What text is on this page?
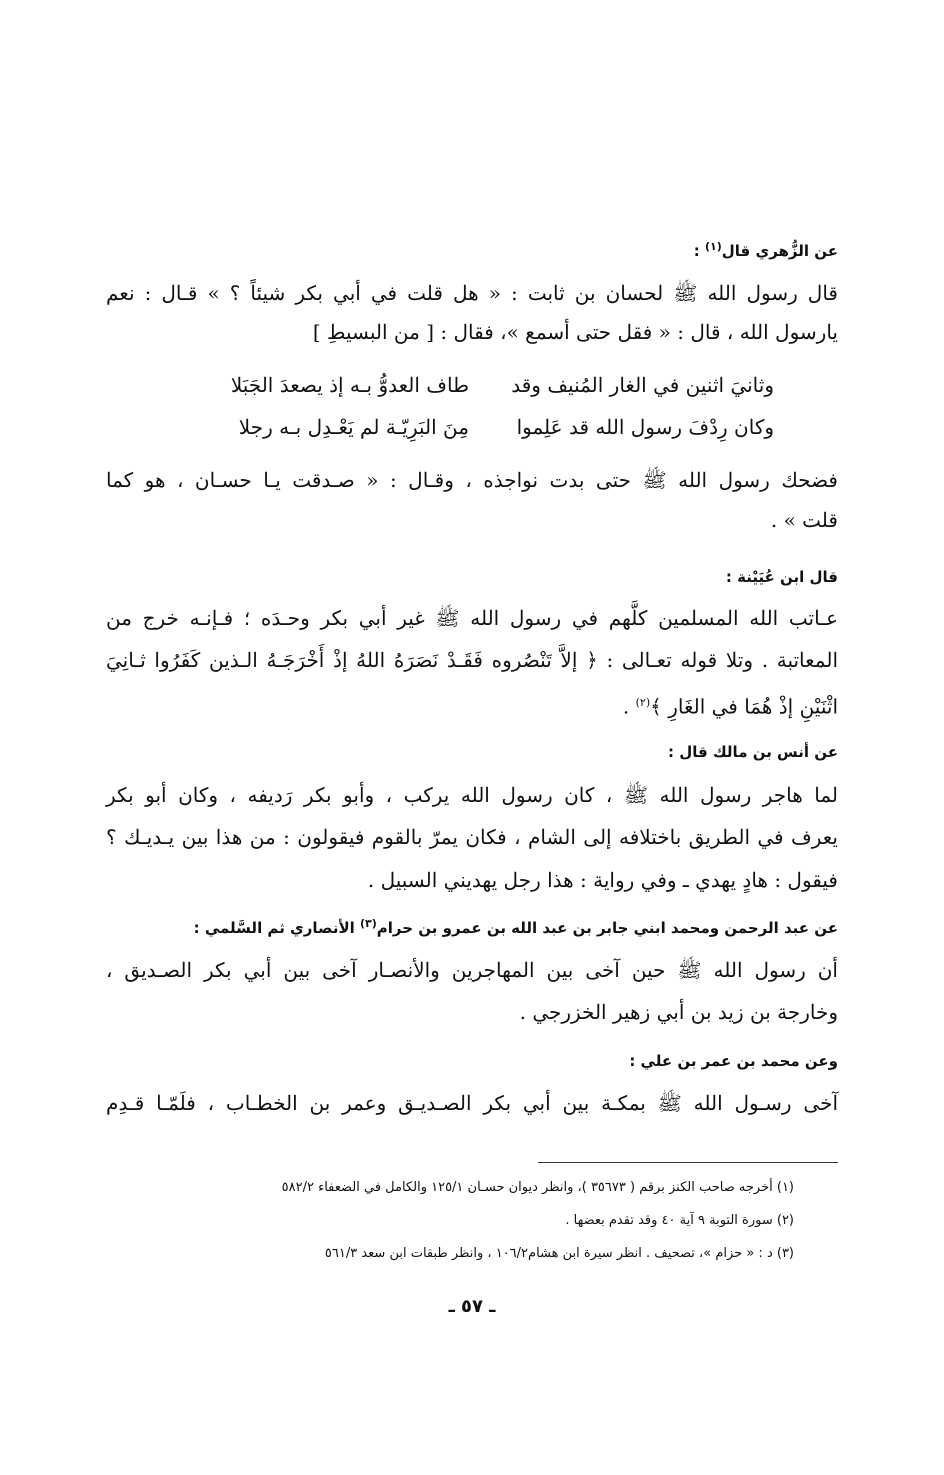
عن الزُّهري قال$^{(١)}$ :
قال رسول الله ﷺ لحسان بن ثابت : « هل قلت في أبي بكر شيئاً ؟ » قـال : نعم
يارسول الله ، قال : « فقل حتى أسمع »، فقال : [ من البسيطِ ]
وثانيَ اثنين في الغار المُنيف وقد
طاف العدوُّ بـه إذ يصعدَ الجَبَلا
وكان رِدْفَ رسول الله قد عَلِموا
مِنَ البَرِيّـة لم يَعْـدِل بـه رجلا
فضحك رسول الله ﷺ حتى بدت نواجذه ، وقـال : « صـدقت يـا حسـان ، هو كما
قلت » .
قال ابن عُيَيْنة :
عـاتب الله المسلمين كلَّهم في رسول الله ﷺ غير أبي بكر وحـدَه ؛ فـإنـه خرج من
المعاتبة . وتلا قوله تعـالى : ﴿ إلاَّ تَنْصُروه فَقَـدْ نَصَرَهُ اللهُ إذْ أَخْرَجَـهُ الـذين كَفَرُوا ثـانِيَ
اثْنَيْنِ إذْ هُمَا في الغَارِ ﴾$^{(٢)}$ .
عن أنس بن مالك قال :
لما هاجر رسول الله ﷺ ، كان رسول الله يركب ، وأبو بكر رَديفه ، وكان أبو بكر
يعرف في الطريق باختلافه إلى الشام ، فكان يمرّ بالقوم فيقولون : من هذا بين يـديـك ؟
فيقول : هادٍ يهدي ـ وفي رواية : هذا رجل يهديني السبيل .
عن عبد الرحمن ومحمد ابني جابر بن عبد الله بن عمرو بن حرام$^{(٣)}$ الأنصاري ثم السَّلمي :
أن رسول الله ﷺ حين آخى بين المهاجرين والأنصـار آخى بين أبي بكر الصـديق ،
وخارجة بن زيد بن أبي زهير الخزرجي .
وعن محمد بن عمر بن علي :
آخى رسـول الله ﷺ بمكـة بين أبي بكر الصـديـق وعمر بن الخطـاب ، فلَمّـا قـدِم
(١) أخرجه صاحب الكنز برقم ( ٣٥٦٧٣ )، وانظر ديوان حسـان ١٢٥/١ والكامل في الضعفاء ٥٨٢/٢
(٢) سورة التوبة ٩ آية ٤٠ وقد تقدم بعضها .
(٣) د : « حزام »، تصحيف . انظر سيرة ابن هشام١٠٦/٢ ، وانظر طبقات ابن سعد ٥٦١/٣
ـ ٥٧ ـ
